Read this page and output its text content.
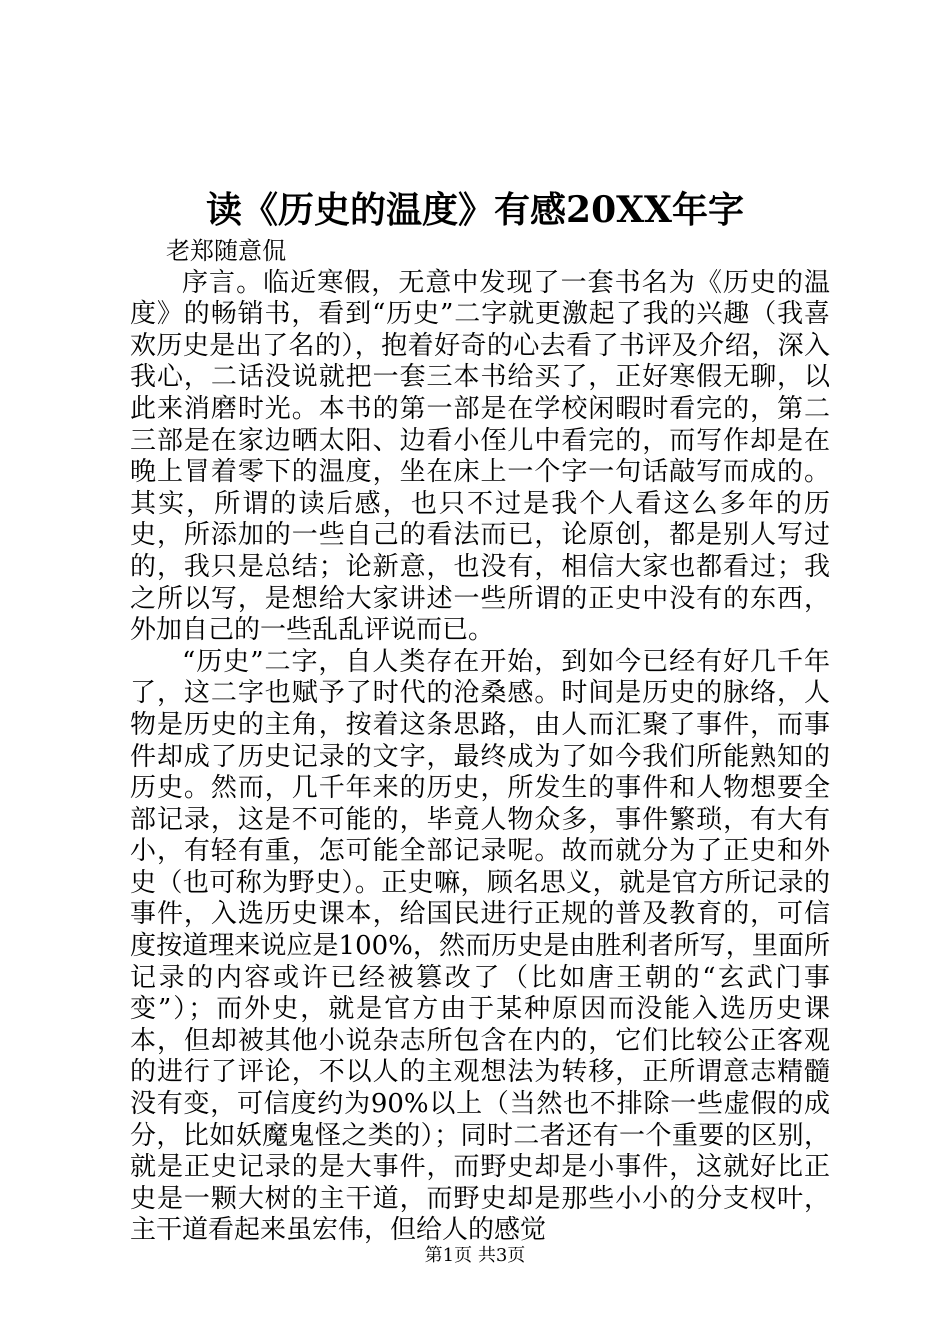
读《历史的温度》有感20XX年字

老郑随意侃

序言。临近寒假，无意中发现了一套书名为《历史的温度》的畅销书，看到“历史”二字就更激起了我的兴趣（我喜欢历史是出了名的），抱着好奇的心去看了书评及介绍，深入我心，二话没说就把一套三本书给买了，正好寒假无聊，以此来消磨时光。本书的第一部是在学校闲暇时看完的，第二三部是在家边晒太阳、边看小侄儿中看完的，而写作却是在晚上冒着零下的温度，坐在床上一个字一句话敲写而成的。其实，所谓的读后感，也只不过是我个人看这么多年的历史，所添加的一些自己的看法而已，论原创，都是别人写过的，我只是总结；论新意，也没有，相信大家也都看过；我之所以写，是想给大家讲述一些所谓的正史中没有的东西，外加自己的一些乱乱评说而已。

“历史”二字，自人类存在开始，到如今已经有好几千年了，这二字也赋予了时代的沧桑感。时间是历史的脉络，人物是历史的主角，按着这条思路，由人而汇聚了事件，而事件却成了历史记录的文字，最终成为了如今我们所能熟知的历史。然而，几千年来的历史，所发生的事件和人物想要全部记录，这是不可能的，毕竟人物众多，事件繁琐，有大有小，有轻有重，怎可能全部记录呢。故而就分为了正史和外史（也可称为野史）。正史嘛，顾名思义，就是官方所记录的事件，入选历史课本，给国民进行正规的普及教育的，可信度按道理来说应是100%，然而历史是由胜利者所写，里面所记录的内容或许已经被篡改了（比如唐王朝的“玄武门事变”）；而外史，就是官方由于某种原因而没能入选历史课本，但却被其他小说杂志所包含在内的，它们比较公正客观的进行了评论，不以人的主观想法为转移，正所谓意志精髓没有变，可信度约为90%以上（当然也不排除一些虚假的成分，比如妖魔鬼怪之类的）；同时二者还有一个重要的区别，就是正史记录的是大事件，而野史却是小事件，这就好比正史是一颗大树的主干道，而野史却是那些小小的分支杈叶，主干道看起来虽宏伟，但给人的感觉

第1页 共3页
